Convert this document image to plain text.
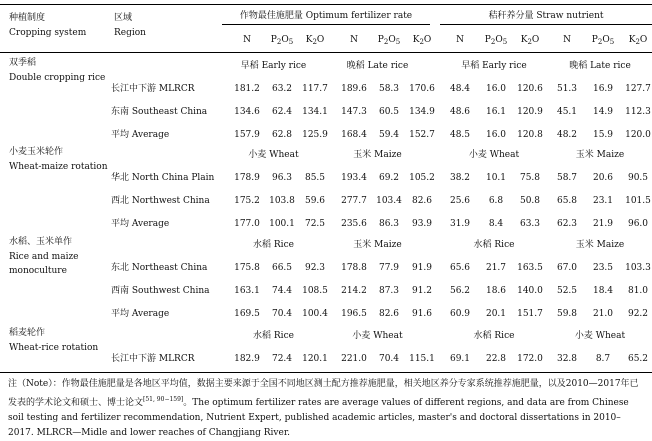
种植制度
Cropping system
区域
Region
作物最佳施肥量 Optimum fertilizer rate	秸秆养分量 Straw nutrient
N	$P_2O_5$	$K_2O$	N	$P_2O_5$	$K_2O$	N	$P_2O_5$	$K_2O$	N	$P_2O_5$	$K_2O$
双季稻
Double cropping rice
早稻 Early rice	晚稻 Late rice	早稻 Early rice	晚稻 Late rice
长江中下游 MLRCR	181.2	63.2	117.7	189.6	58.3	170.6	48.4	16.0	120.6	51.3	16.9	127.7
东南 Southeast China	134.6	62.4	134.1	147.3	60.5	134.9	48.6	16.1	120.9	45.1	14.9	112.3
平均 Average	157.9	62.8	125.9	168.4	59.4	152.7	48.5	16.0	120.8	48.2	15.9	120.0
小麦玉米轮作
Wheat-maize rotation
小麦 Wheat	玉米 Maize	小麦 Wheat	玉米 Maize
华北 North China Plain	178.9	96.3	85.5	193.4	69.2	105.2	38.2	10.1	75.8	58.7	20.6	90.5
西北 Northwest China	175.2	103.8	59.6	277.7	103.4	82.6	25.6	6.8	50.8	65.8	23.1	101.5
平均 Average	177.0	100.1	72.5	235.6	86.3	93.9	31.9	8.4	63.3	62.3	21.9	96.0
水稻、玉米单作
Rice and maize monoculture
水稻 Rice	玉米 Maize	水稻 Rice	玉米 Maize
东北 Northeast China	175.8	66.5	92.3	178.8	77.9	91.9	65.6	21.7	163.5	67.0	23.5	103.3
西南 Southwest China	163.1	74.4	108.5	214.2	87.3	91.2	56.2	18.6	140.0	52.5	18.4	81.0
平均 Average	169.5	70.4	100.4	196.5	82.6	91.6	60.9	20.1	151.7	59.8	21.0	92.2
稻麦轮作
Wheat-rice rotation
水稻 Rice	小麦 Wheat	水稻 Rice	小麦 Wheat
长江中下游 MLRCR	182.9	72.4	120.1	221.0	70.4	115.1	69.1	22.8	172.0	32.8	8.7	65.2
注（Note）：作物最佳施肥量是各地区平均值，数据主要来源于全国不同地区测土配方推荐施肥量，相关地区养分专家系统推荐施肥量，以及2010—2017年已发表的学术论文和硕士、博士论文[51, 90−159]。The optimum fertilizer rates are average values of different regions, and data are from Chinese soil testing and fertilizer recommendation, Nutrient Expert, published academic articles, master's and doctoral dissertations in 2010–2017. MLRCR—Midle and lower reaches of Changjiang River.
